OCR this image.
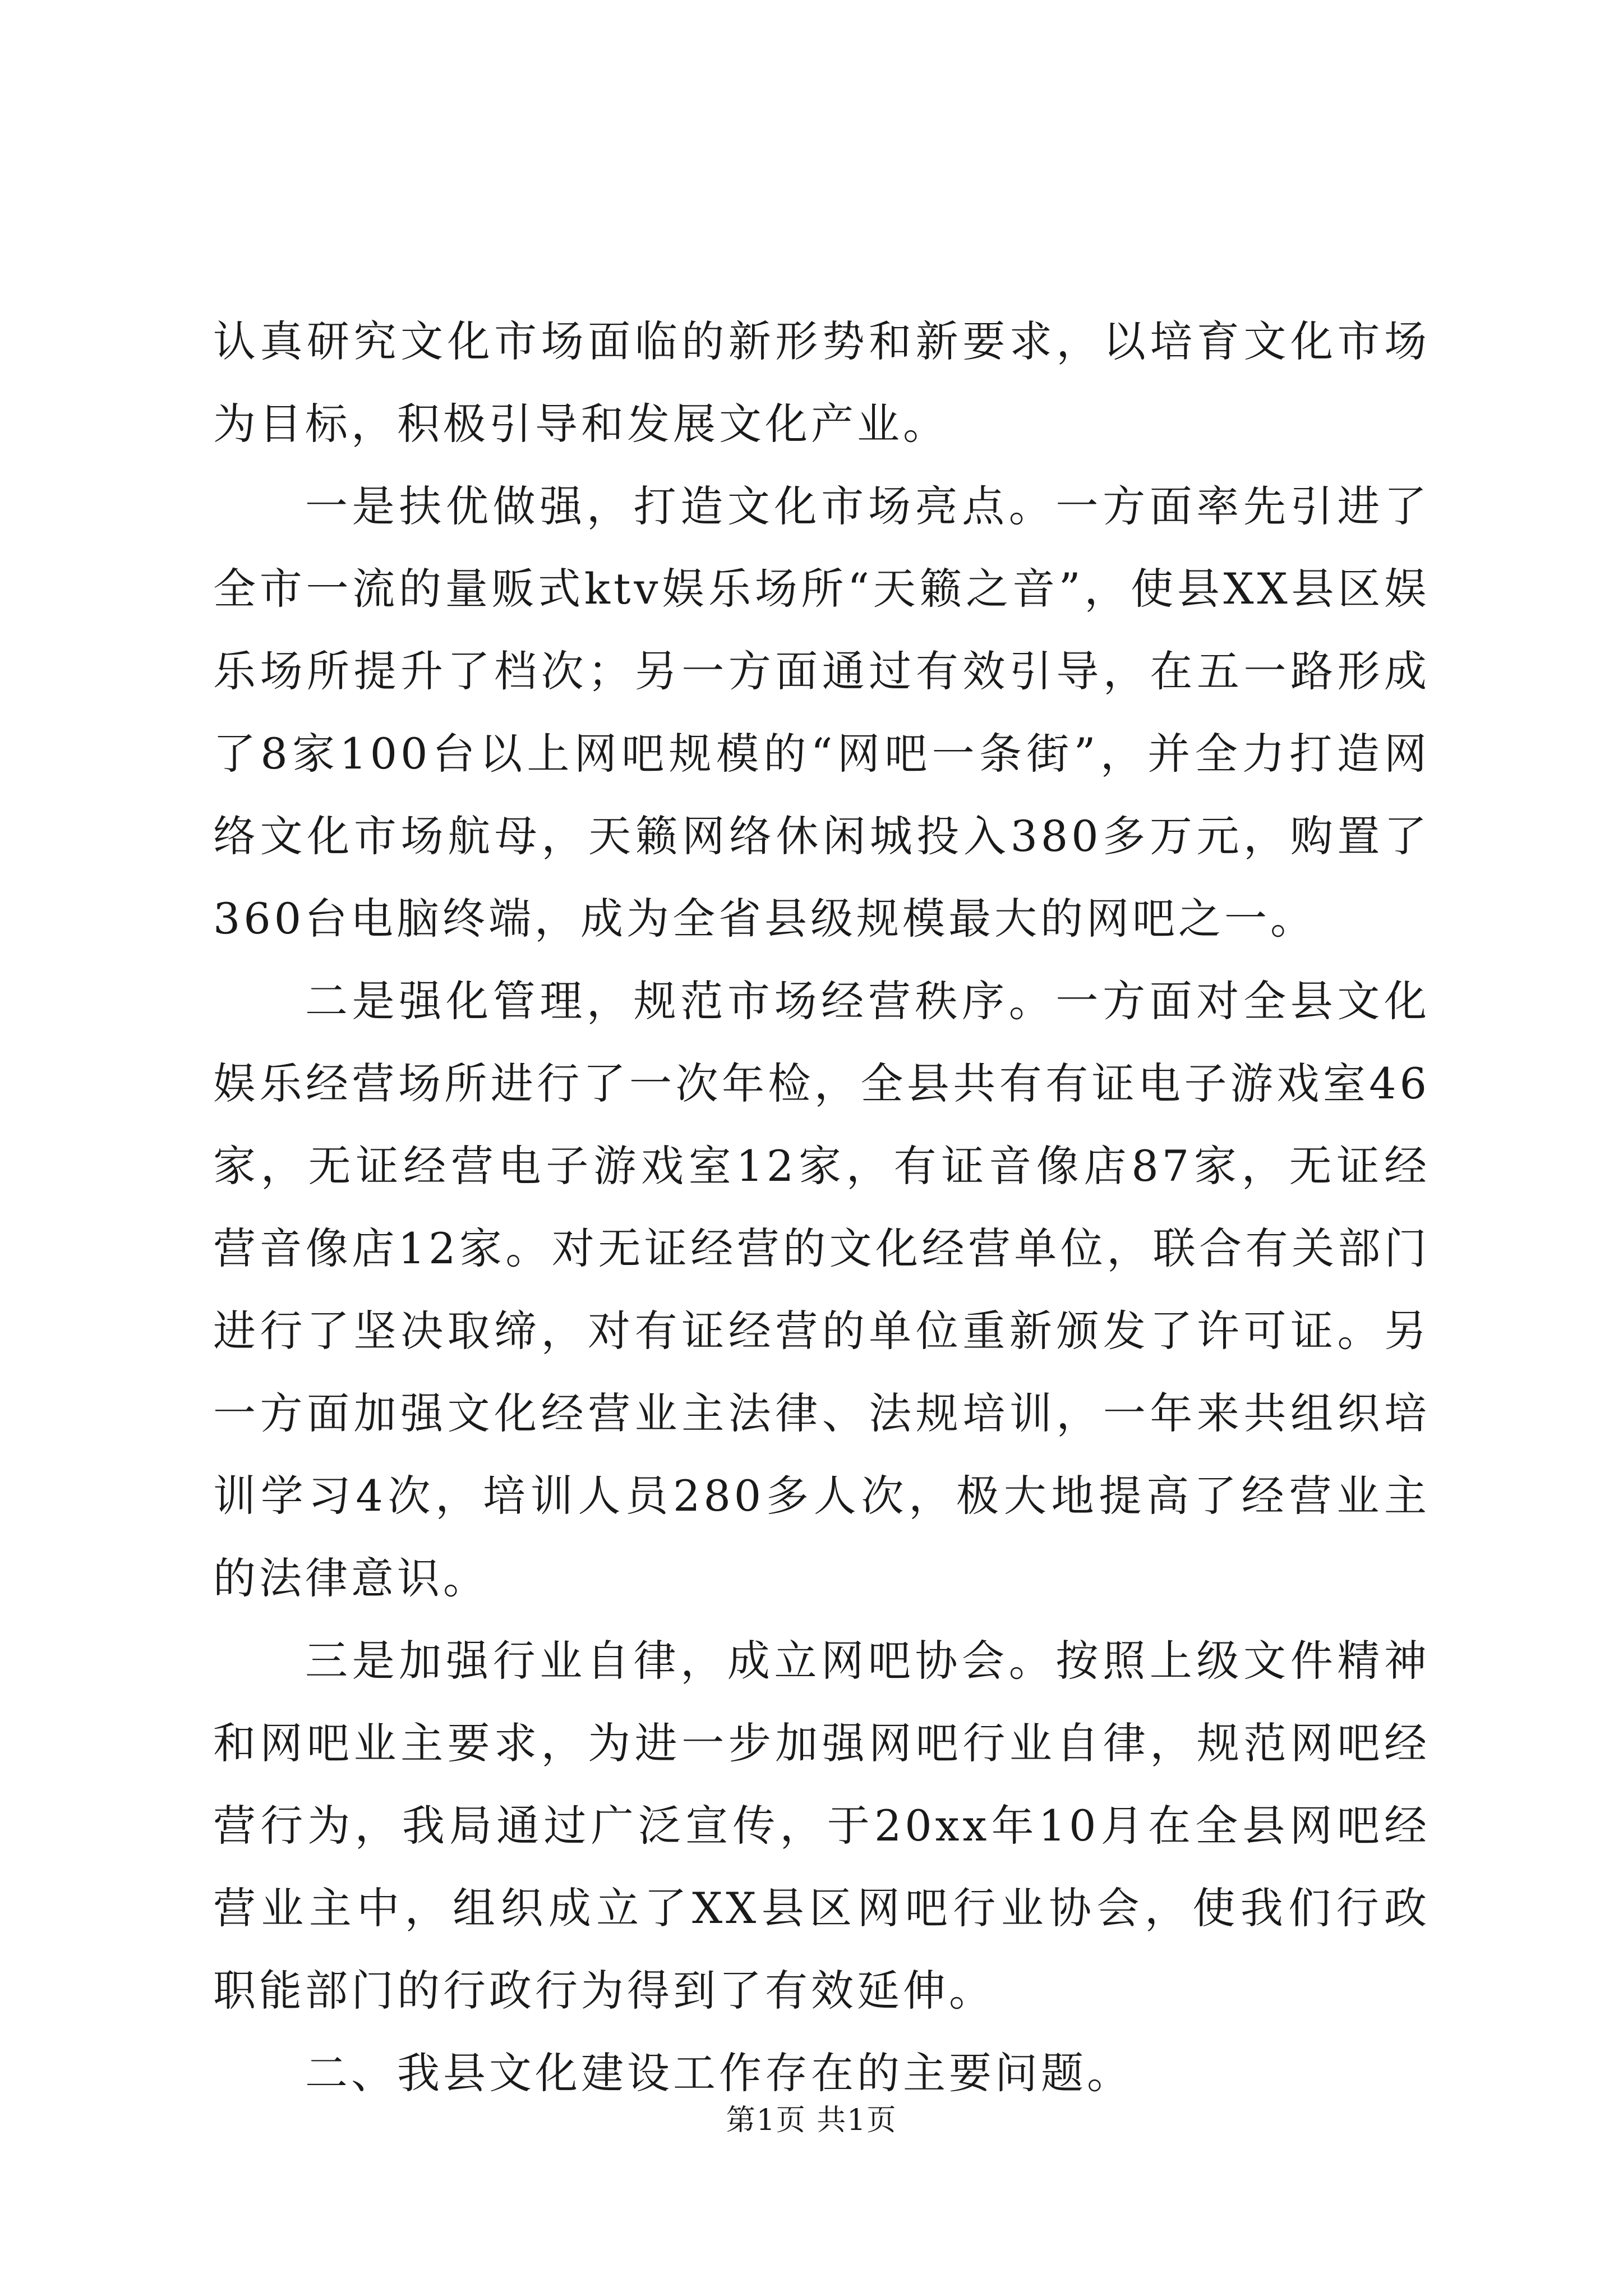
认真研究文化市场面临的新形势和新要求，以培育文化市场为目标，积极引导和发展文化产业。

一是扶优做强，打造文化市场亮点。一方面率先引进了全市一流的量贩式ktv娱乐场所“天籁之音”，使县XX县区娱乐场所提升了档次；另一方面通过有效引导，在五一路形成了8家100台以上网吧规模的“网吧一条街”，并全力打造网络文化市场航母，天籁网络休闲城投入380多万元，购置了360台电脑终端，成为全省县级规模最大的网吧之一。

二是强化管理，规范市场经营秩序。一方面对全县文化娱乐经营场所进行了一次年检，全县共有有证电子游戏室46家，无证经营电子游戏室12家，有证音像店87家，无证经营音像店12家。对无证经营的文化经营单位，联合有关部门进行了坚决取缔，对有证经营的单位重新颁发了许可证。另一方面加强文化经营业主法律、法规培训，一年来共组织培训学习4次，培训人员280多人次，极大地提高了经营业主的法律意识。

三是加强行业自律，成立网吧协会。按照上级文件精神和网吧业主要求，为进一步加强网吧行业自律，规范网吧经营行为，我局通过广泛宣传，于20xx年10月在全县网吧经营业主中，组织成立了XX县区网吧行业协会，使我们行政职能部门的行政行为得到了有效延伸。

二、我县文化建设工作存在的主要问题。

第1页 共1页
